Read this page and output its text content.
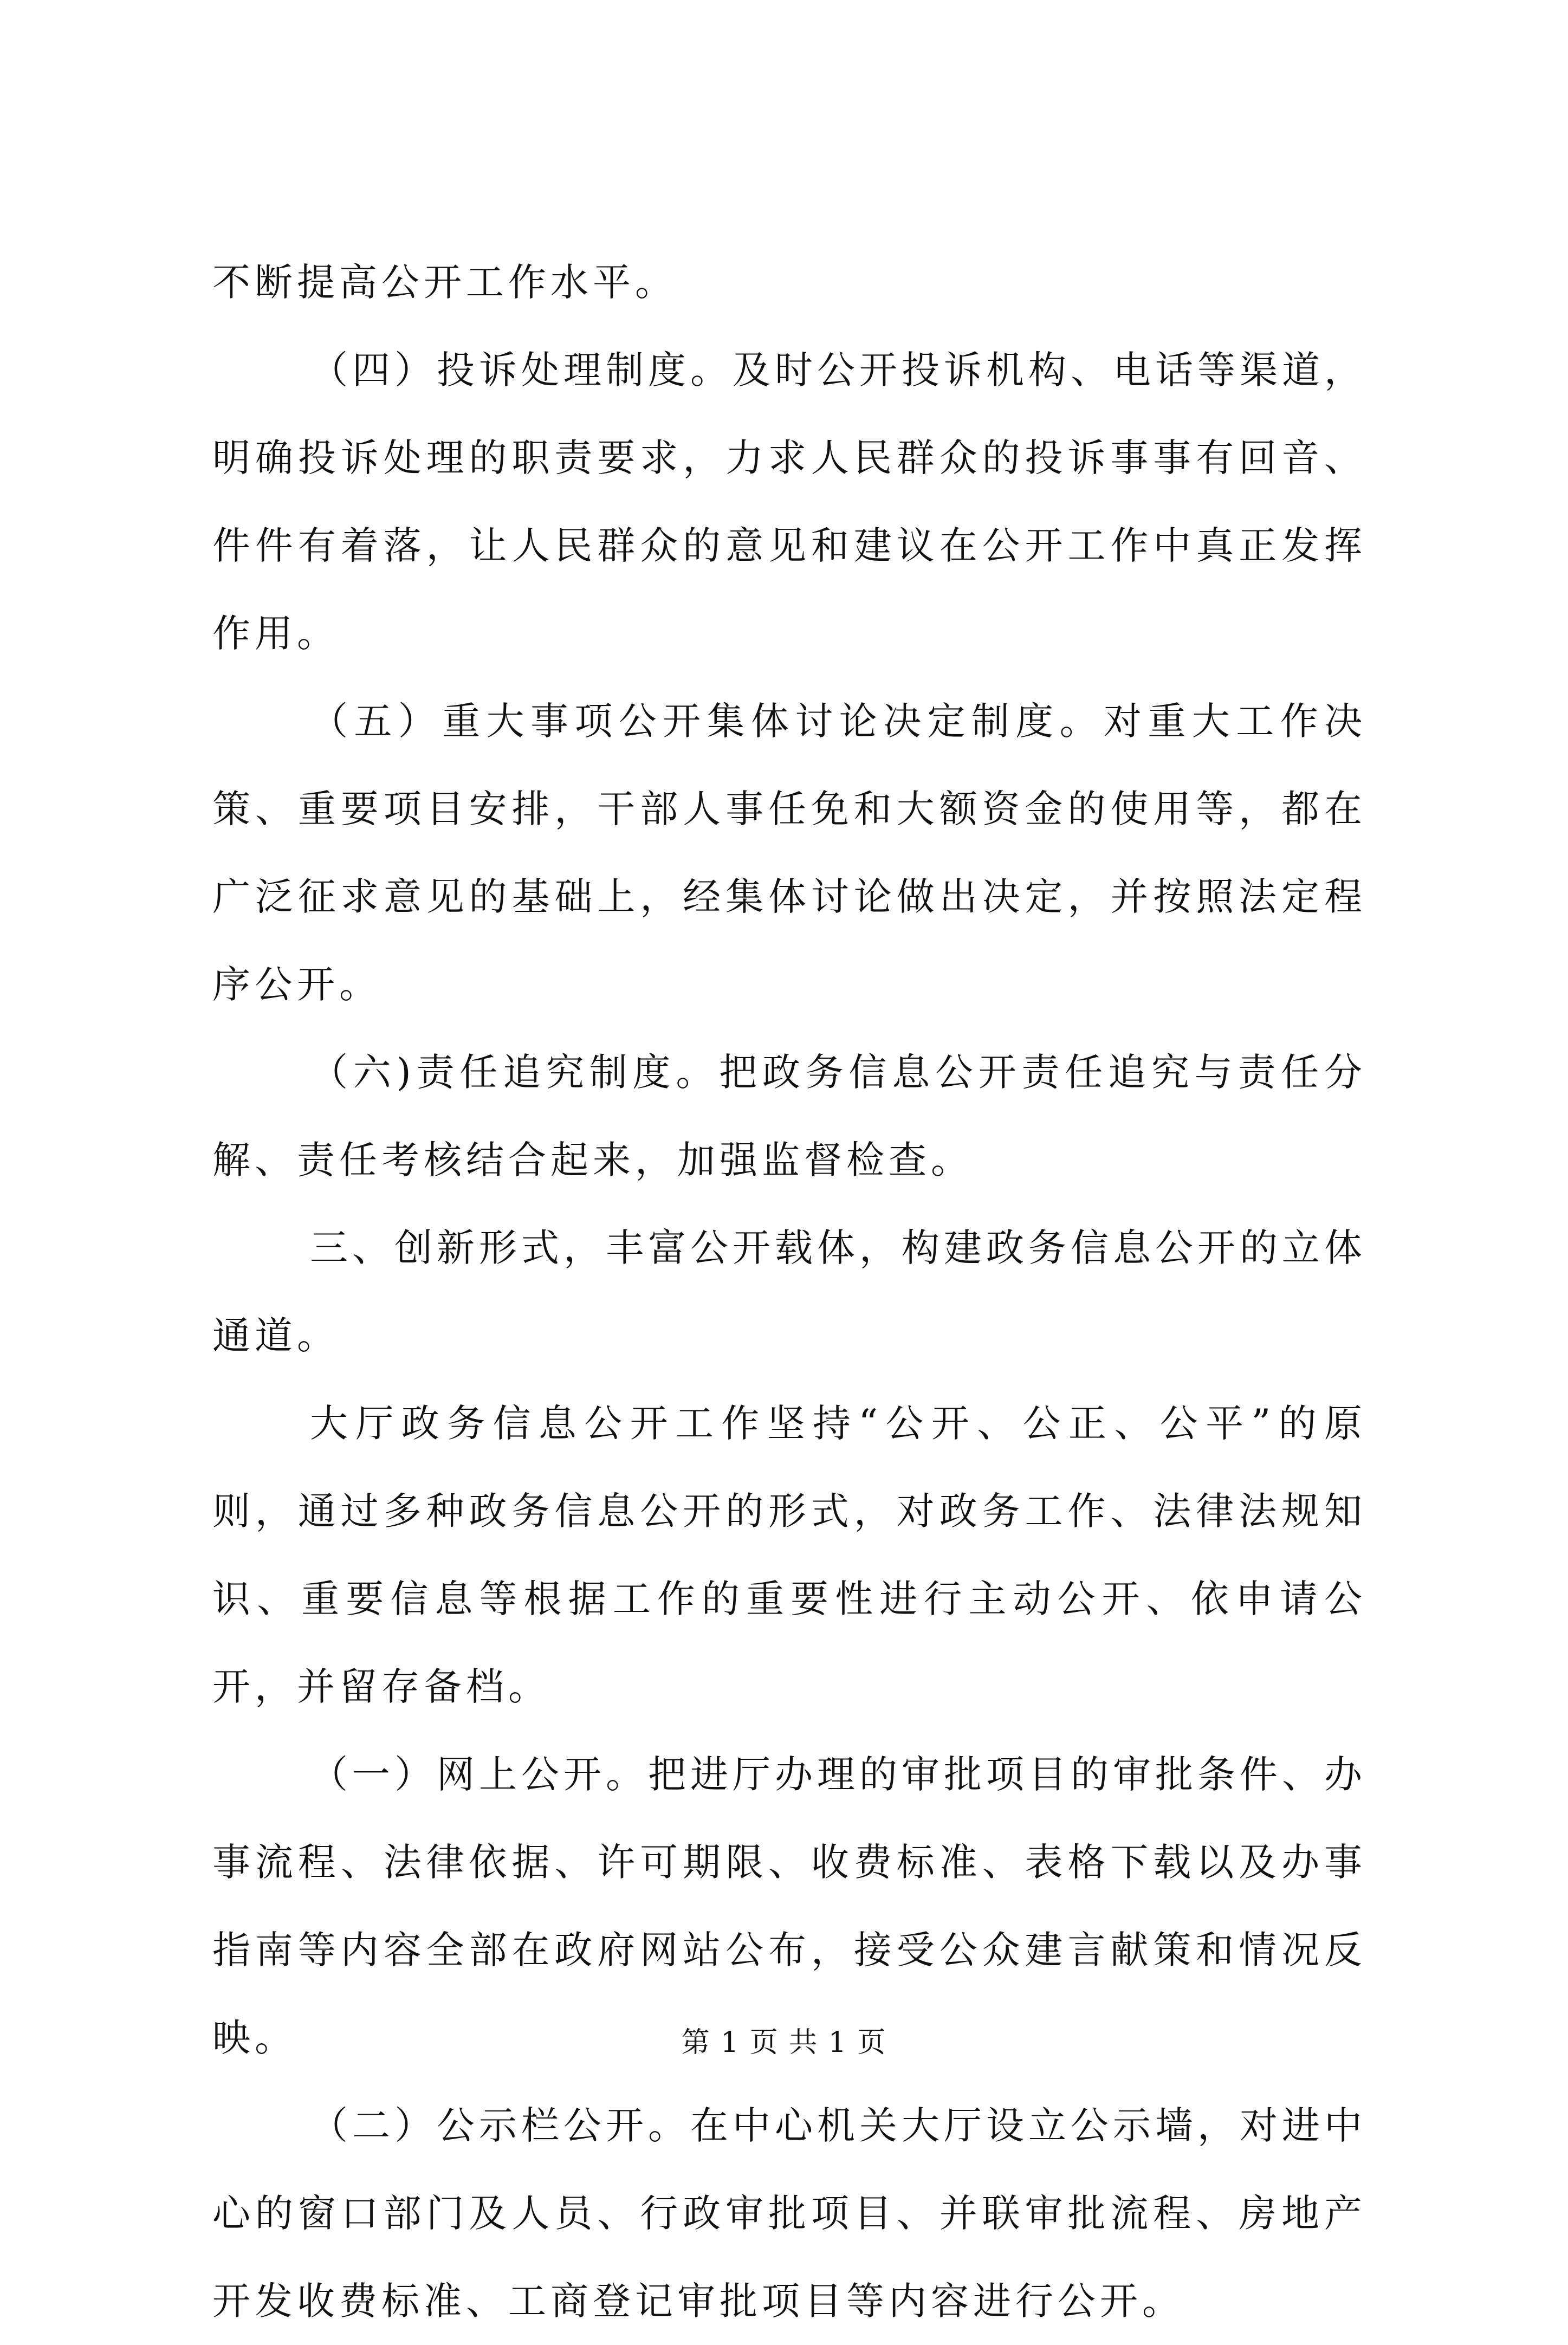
不断提高公开工作水平。

（四）投诉处理制度。及时公开投诉机构、电话等渠道，明确投诉处理的职责要求，力求人民群众的投诉事事有回音、件件有着落，让人民群众的意见和建议在公开工作中真正发挥作用。

（五）重大事项公开集体讨论决定制度。对重大工作决策、重要项目安排，干部人事任免和大额资金的使用等，都在广泛征求意见的基础上，经集体讨论做出决定，并按照法定程序公开。

（六)责任追究制度。把政务信息公开责任追究与责任分解、责任考核结合起来，加强监督检查。

三、创新形式，丰富公开载体，构建政务信息公开的立体通道。

大厅政务信息公开工作坚持“公开、公正、公平”的原则，通过多种政务信息公开的形式，对政务工作、法律法规知识、重要信息等根据工作的重要性进行主动公开、依申请公开，并留存备档。

（一）网上公开。把进厅办理的审批项目的审批条件、办事流程、法律依据、许可期限、收费标准、表格下载以及办事指南等内容全部在政府网站公布，接受公众建言献策和情况反映。

（二）公示栏公开。在中心机关大厅设立公示墙，对进中心的窗口部门及人员、行政审批项目、并联审批流程、房地产开发收费标准、工商登记审批项目等内容进行公开。

第 1 页 共 1 页
